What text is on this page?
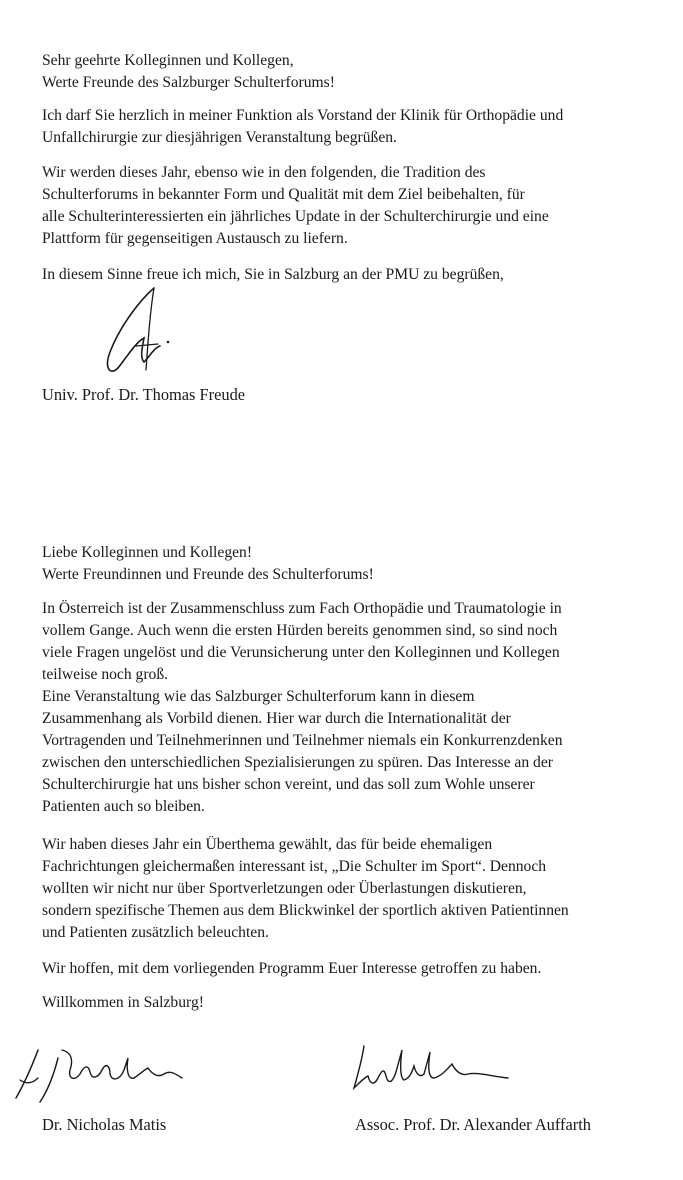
Sehr geehrte Kolleginnen und Kollegen,
Werte Freunde des Salzburger Schulterforums!
Ich darf Sie herzlich in meiner Funktion als Vorstand der Klinik für Orthopädie und
Unfallchirurgie zur diesjährigen Veranstaltung begrüßen.
Wir werden dieses Jahr, ebenso wie in den folgenden, die Tradition des
Schulterforums in bekannter Form und Qualität mit dem Ziel beibehalten, für
alle Schulterinteressierten ein jährliches Update in der Schulterchirurgie und eine
Plattform für gegenseitigen Austausch zu liefern.
In diesem Sinne freue ich mich, Sie in Salzburg an der PMU zu begrüßen,
Univ. Prof. Dr. Thomas Freude
Liebe Kolleginnen und Kollegen!
Werte Freundinnen und Freunde des Schulterforums!
In Österreich ist der Zusammenschluss zum Fach Orthopädie und Traumatologie in
vollem Gange. Auch wenn die ersten Hürden bereits genommen sind, so sind noch
viele Fragen ungelöst und die Verunsicherung unter den Kolleginnen und Kollegen
teilweise noch groß.
Eine Veranstaltung wie das Salzburger Schulterforum kann in diesem
Zusammenhang als Vorbild dienen. Hier war durch die Internationalität der
Vortragenden und Teilnehmerinnen und Teilnehmer niemals ein Konkurrenzdenken
zwischen den unterschiedlichen Spezialisierungen zu spüren. Das Interesse an der
Schulterchirurgie hat uns bisher schon vereint, und das soll zum Wohle unserer
Patienten auch so bleiben.
Wir haben dieses Jahr ein Überthema gewählt, das für beide ehemaligen
Fachrichtungen gleichermaßen interessant ist, „Die Schulter im Sport“. Dennoch
wollten wir nicht nur über Sportverletzungen oder Überlastungen diskutieren,
sondern spezifische Themen aus dem Blickwinkel der sportlich aktiven Patientinnen
und Patienten zusätzlich beleuchten.
Wir hoffen, mit dem vorliegenden Programm Euer Interesse getroffen zu haben.
Willkommen in Salzburg!
Dr. Nicholas Matis	Assoc. Prof. Dr. Alexander Auffarth
